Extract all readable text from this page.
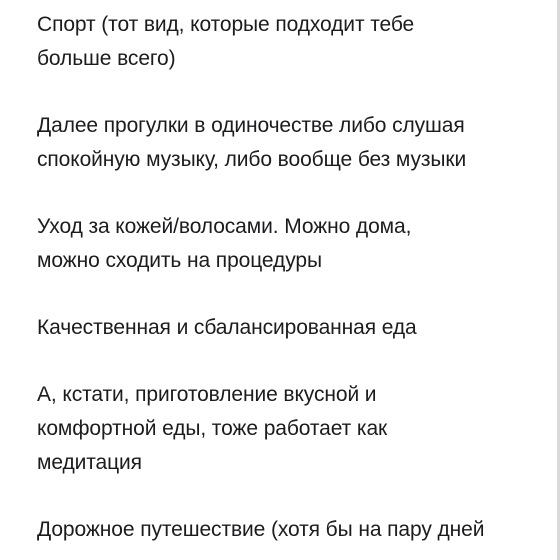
Спорт (тот вид, которые подходит тебе
больше всего)

Далее прогулки в одиночестве либо слушая
спокойную музыку, либо вообще без музыки

Уход за кожей/волосами. Можно дома,
можно сходить на процедуры

Качественная и сбалансированная еда

А, кстати, приготовление вкусной и
комфортной еды, тоже работает как
медитация

Дорожное путешествие (хотя бы на пару дней
